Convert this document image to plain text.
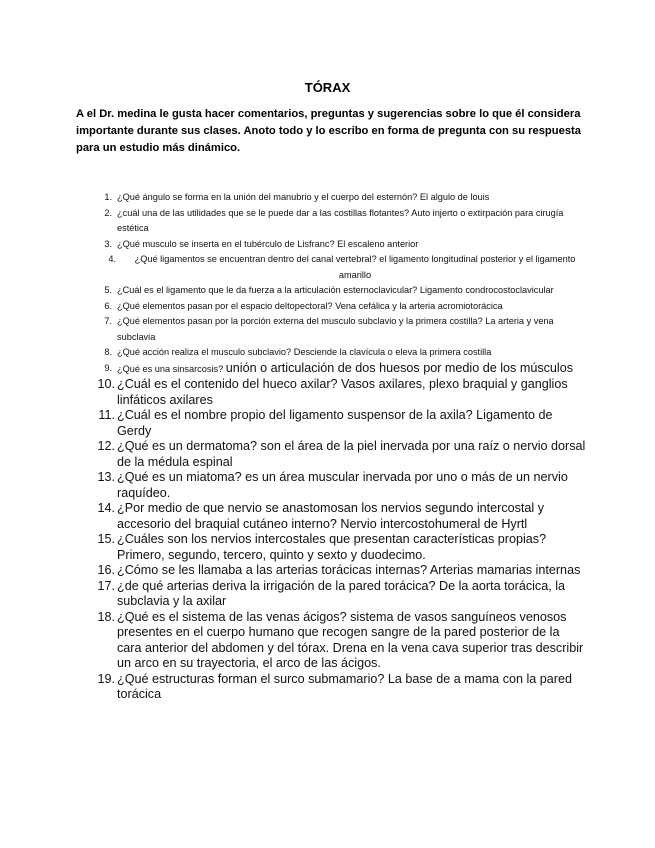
TÓRAX
A el Dr. medina le gusta hacer comentarios, preguntas y sugerencias sobre lo que él considera importante durante sus clases. Anoto todo y lo escribo en forma de pregunta con su respuesta para un estudio más dinámico.
1. ¿Qué ángulo se forma en la unión del manubrio y el cuerpo del esternón? El algulo de louis
2. ¿cuál una de las utilidades que se le puede dar a las costillas flotantes? Auto injerto o extirpación para cirugía estética
3. ¿Qué musculo se inserta en el tubérculo de Lisfranc? El escaleno anterior
4.	¿Qué ligamentos se encuentran dentro del canal vertebral? el ligamento longitudinal posterior y el ligamento amarillo
5. ¿Cuál es el ligamento que le da fuerza a la articulación esternoclavicular? Ligamento condrocostoclavicular
6. ¿Qué elementos pasan por el espacio deltopectoral? Vena cefálica y la arteria acromiotorácica
7. ¿Qué elementos pasan por la porción externa del musculo subclavio y la primera costilla? La arteria y vena subclavia
8. ¿Qué acción realiza el musculo subclavio? Desciende la clavícula o eleva la primera costilla
9. ¿Qué es una sinsarcosis? unión o articulación de dos huesos por medio de los músculos
10. ¿Cuál es el contenido del hueco axilar? Vasos axilares, plexo braquial y ganglios linfáticos axilares
11. ¿Cuál es el nombre propio del ligamento suspensor de la axila? Ligamento de Gerdy
12. ¿Qué es un dermatoma? son el área de la piel inervada por una raíz o nervio dorsal de la médula espinal
13. ¿Qué es un miatoma? es un área muscular inervada por uno o más de un nervio raquídeo.
14. ¿Por medio de que nervio se anastomosan los nervios segundo intercostal y accesorio del braquial cutáneo interno? Nervio intercostohumeral de Hyrtl
15. ¿Cuáles son los nervios intercostales que presentan características propias? Primero, segundo, tercero, quinto y sexto y duodecimo.
16. ¿Cómo se les llamaba a las arterias torácicas internas? Arterias mamarias internas
17. ¿de qué arterias deriva la irrigación de la pared torácica? De la aorta torácica, la subclavia y la axilar
18. ¿Qué es el sistema de las venas ácigos? sistema de vasos sanguíneos venosos presentes en el cuerpo humano que recogen sangre de la pared posterior de la cara anterior del abdomen y del tórax. Drena en la vena cava superior tras describir un arco en su trayectoria, el arco de las ácigos.
19. ¿Qué estructuras forman el surco submamario? La base de a mama con la pared torácica
